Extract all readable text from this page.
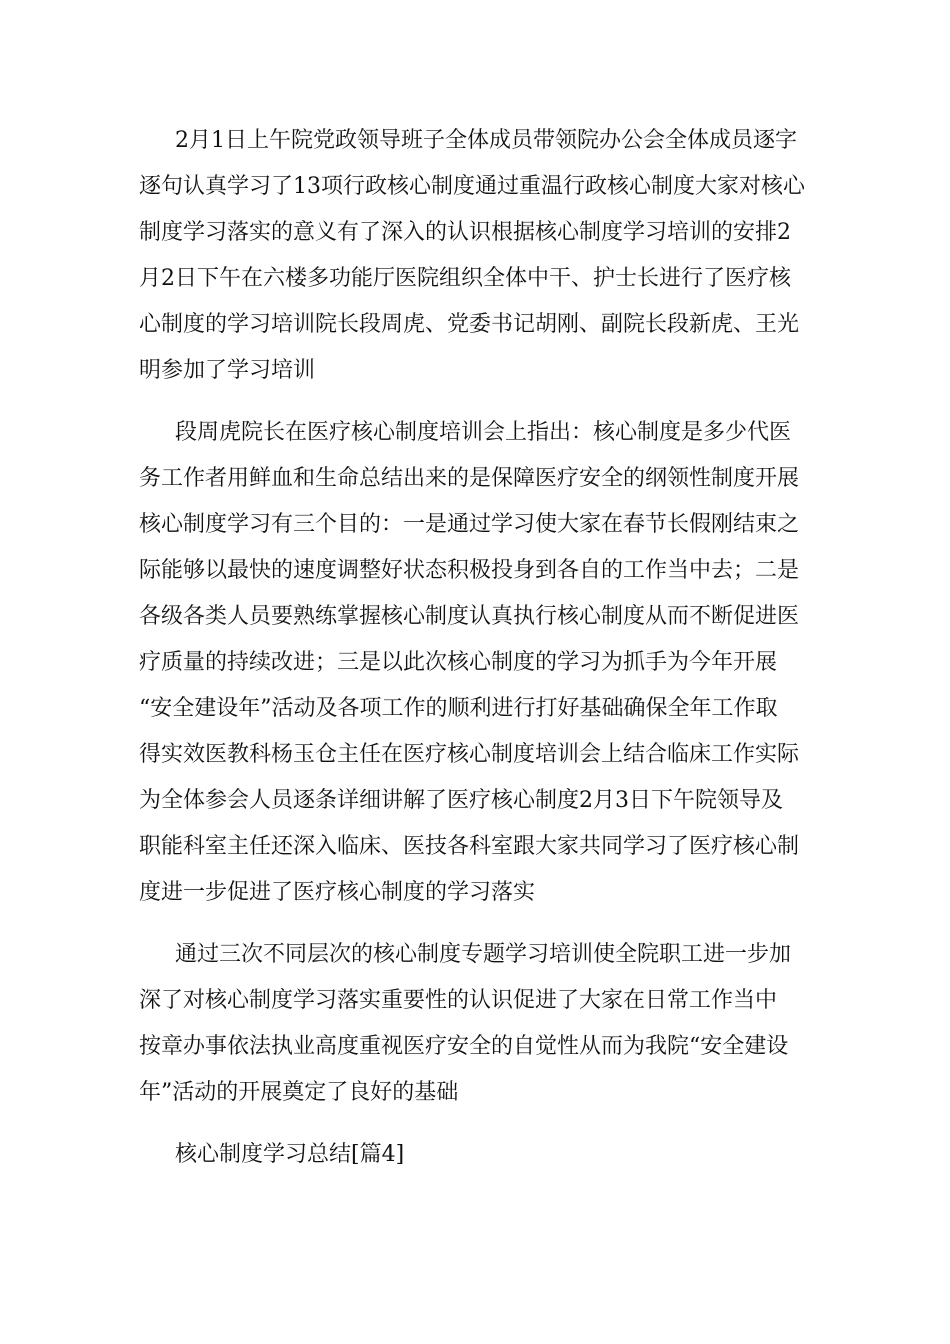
2月1日上午院党政领导班子全体成员带领院办公会全体成员逐字
逐句认真学习了13项行政核心制度通过重温行政核心制度大家对核心
制度学习落实的意义有了深入的认识根据核心制度学习培训的安排2
月2日下午在六楼多功能厅医院组织全体中干、护士长进行了医疗核
心制度的学习培训院长段周虎、党委书记胡刚、副院长段新虎、王光
明参加了学习培训
段周虎院长在医疗核心制度培训会上指出：核心制度是多少代医
务工作者用鲜血和生命总结出来的是保障医疗安全的纲领性制度开展
核心制度学习有三个目的：一是通过学习使大家在春节长假刚结束之
际能够以最快的速度调整好状态积极投身到各自的工作当中去；二是
各级各类人员要熟练掌握核心制度认真执行核心制度从而不断促进医
疗质量的持续改进；三是以此次核心制度的学习为抓手为今年开展
“安全建设年”活动及各项工作的顺利进行打好基础确保全年工作取
得实效医教科杨玉仓主任在医疗核心制度培训会上结合临床工作实际
为全体参会人员逐条详细讲解了医疗核心制度2月3日下午院领导及
职能科室主任还深入临床、医技各科室跟大家共同学习了医疗核心制
度进一步促进了医疗核心制度的学习落实
通过三次不同层次的核心制度专题学习培训使全院职工进一步加
深了对核心制度学习落实重要性的认识促进了大家在日常工作当中
按章办事依法执业高度重视医疗安全的自觉性从而为我院“安全建设
年”活动的开展奠定了良好的基础
核心制度学习总结[篇4]
